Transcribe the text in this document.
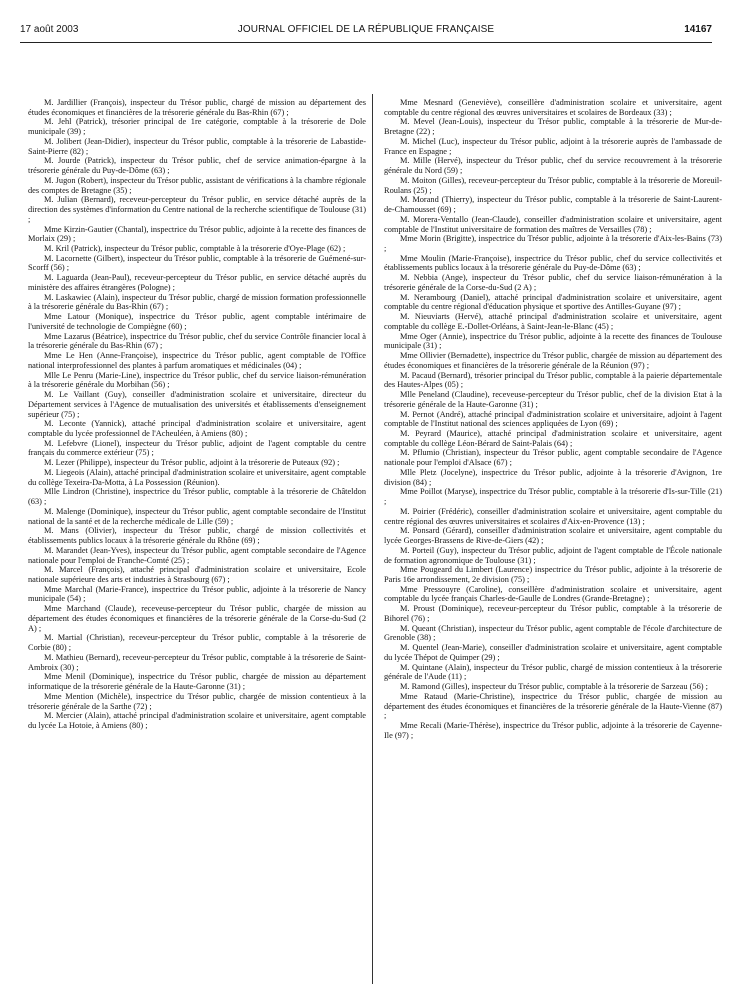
17 août 2003	JOURNAL OFFICIEL DE LA RÉPUBLIQUE FRANÇAISE	14167

M. Jardillier (François), inspecteur du Trésor public, chargé de mission au département des études économiques et financières de la trésorerie générale du Bas-Rhin (67) ;

M. Jehl (Patrick), trésorier principal de 1re catégorie, comptable à la trésorerie de Dole municipale (39) ;

M. Jolibert (Jean-Didier), inspecteur du Trésor public, comptable à la trésorerie de Labastide-Saint-Pierre (82) ;

M. Jourde (Patrick), inspecteur du Trésor public, chef de service animation-épargne à la trésorerie générale du Puy-de-Dôme (63) ;

M. Jugon (Robert), inspecteur du Trésor public, assistant de vérifications à la chambre régionale des comptes de Bretagne (35) ;

M. Julian (Bernard), receveur-percepteur du Trésor public, en service détaché auprès de la direction des systèmes d'information du Centre national de la recherche scientifique de Toulouse (31) ;

Mme Kirzin-Gautier (Chantal), inspectrice du Trésor public, adjointe à la recette des finances de Morlaix (29) ;

M. Kril (Patrick), inspecteur du Trésor public, comptable à la trésorerie d'Oye-Plage (62) ;

M. Lacornette (Gilbert), inspecteur du Trésor public, comptable à la trésorerie de Guémené-sur-Scorff (56) ;

M. Laguarda (Jean-Paul), receveur-percepteur du Trésor public, en service détaché auprès du ministère des affaires étrangères (Pologne) ;

M. Laskawiec (Alain), inspecteur du Trésor public, chargé de mission formation professionnelle à la trésorerie générale du Bas-Rhin (67) ;

Mme Latour (Monique), inspectrice du Trésor public, agent comptable intérimaire de l'université de technologie de Compiègne (60) ;

Mme Lazarus (Béatrice), inspectrice du Trésor public, chef du service Contrôle financier local à la trésorerie générale du Bas-Rhin (67) ;

Mme Le Hen (Anne-Françoise), inspectrice du Trésor public, agent comptable de l'Office national interprofessionnel des plantes à parfum aromatiques et médicinales (04) ;

Mlle Le Penru (Marie-Line), inspectrice du Trésor public, chef du service liaison-rémunération à la trésorerie générale du Morbihan (56) ;

M. Le Vaillant (Guy), conseiller d'administration scolaire et universitaire, directeur du Département services à l'Agence de mutualisation des universités et établissements d'enseignement supérieur (75) ;

M. Leconte (Yannick), attaché principal d'administration scolaire et universitaire, agent comptable du lycée professionnel de l'Acheuléen, à Amiens (80) ;

M. Lefebvre (Lionel), inspecteur du Trésor public, adjoint de l'agent comptable du centre français du commerce extérieur (75) ;

M. Lezer (Philippe), inspecteur du Trésor public, adjoint à la trésorerie de Puteaux (92) ;

M. Liegeois (Alain), attaché principal d'administration scolaire et universitaire, agent comptable du collège Texeira-Da-Motta, à La Possession (Réunion).

Mlle Lindron (Christine), inspectrice du Trésor public, comptable à la trésorerie de Châteldon (63) ;

M. Malenge (Dominique), inspecteur du Trésor public, agent comptable secondaire de l'Institut national de la santé et de la recherche médicale de Lille (59) ;

M. Mans (Olivier), inspecteur du Trésor public, chargé de mission collectivités et établissements publics locaux à la trésorerie générale du Rhône (69) ;

M. Marandet (Jean-Yves), inspecteur du Trésor public, agent comptable secondaire de l'Agence nationale pour l'emploi de Franche-Comté (25) ;

M. Marcel (François), attaché principal d'administration scolaire et universitaire, Ecole nationale supérieure des arts et industries à Strasbourg (67) ;

Mme Marchal (Marie-France), inspectrice du Trésor public, adjointe à la trésorerie de Nancy municipale (54) ;

Mme Marchand (Claude), receveuse-percepteur du Trésor public, chargée de mission au département des études économiques et financières de la trésorerie générale de la Corse-du-Sud (2 A) ;

M. Martial (Christian), receveur-percepteur du Trésor public, comptable à la trésorerie de Corbie (80) ;

M. Mathieu (Bernard), receveur-percepteur du Trésor public, comptable à la trésorerie de Saint-Ambroix (30) ;

Mme Menil (Dominique), inspectrice du Trésor public, chargée de mission au département informatique de la trésorerie générale de la Haute-Garonne (31) ;

Mme Mention (Michèle), inspectrice du Trésor public, chargée de mission contentieux à la trésorerie générale de la Sarthe (72) ;

M. Mercier (Alain), attaché principal d'administration scolaire et universitaire, agent comptable du lycée La Hotoie, à Amiens (80) ;

Mme Mesnard (Geneviève), conseillère d'administration scolaire et universitaire, agent comptable du centre régional des œuvres universitaires et scolaires de Bordeaux (33) ;

M. Mevel (Jean-Louis), inspecteur du Trésor public, comptable à la trésorerie de Mur-de-Bretagne (22) ;

M. Michel (Luc), inspecteur du Trésor public, adjoint à la trésorerie auprès de l'ambassade de France en Espagne ;

M. Mille (Hervé), inspecteur du Trésor public, chef du service recouvrement à la trésorerie générale du Nord (59) ;

M. Moiton (Gilles), receveur-percepteur du Trésor public, comptable à la trésorerie de Moreuil-Roulans (25) ;

M. Morand (Thierry), inspecteur du Trésor public, comptable à la trésorerie de Saint-Laurent-de-Chamousset (69) ;

M. Morera-Ventallo (Jean-Claude), conseiller d'administration scolaire et universitaire, agent comptable de l'Institut universitaire de formation des maîtres de Versailles (78) ;

Mme Morin (Brigitte), inspectrice du Trésor public, adjointe à la trésorerie d'Aix-les-Bains (73) ;

Mme Moulin (Marie-Françoise), inspectrice du Trésor public, chef du service collectivités et établissements publics locaux à la trésorerie générale du Puy-de-Dôme (63) ;

M. Nebbia (Ange), inspecteur du Trésor public, chef du service liaison-rémunération à la trésorerie générale de la Corse-du-Sud (2 A) ;

M. Nerambourg (Daniel), attaché principal d'administration scolaire et universitaire, agent comptable du centre régional d'éducation physique et sportive des Antilles-Guyane (97) ;

M. Nieuviarts (Hervé), attaché principal d'administration scolaire et universitaire, agent comptable du collège E.-Dollet-Orléans, à Saint-Jean-le-Blanc (45) ;

Mme Oger (Annie), inspectrice du Trésor public, adjointe à la recette des finances de Toulouse municipale (31) ;

Mme Ollivier (Bernadette), inspectrice du Trésor public, chargée de mission au département des études économiques et financières de la trésorerie générale de la Réunion (97) ;

M. Pacaud (Bernard), trésorier principal du Trésor public, comptable à la paierie départementale des Hautes-Alpes (05) ;

Mlle Peneland (Claudine), receveuse-percepteur du Trésor public, chef de la division Etat à la trésorerie générale de la Haute-Garonne (31) ;

M. Pernot (André), attaché principal d'administration scolaire et universitaire, adjoint à l'agent comptable de l'Institut national des sciences appliquées de Lyon (69) ;

M. Peyrard (Maurice), attaché principal d'administration scolaire et universitaire, agent comptable du collège Léon-Bérard de Saint-Palais (64) ;

M. Pflumio (Christian), inspecteur du Trésor public, agent comptable secondaire de l'Agence nationale pour l'emploi d'Alsace (67) ;

Mlle Pletz (Jocelyne), inspectrice du Trésor public, adjointe à la trésorerie d'Avignon, 1re division (84) ;

Mme Poillot (Maryse), inspectrice du Trésor public, comptable à la trésorerie d'Is-sur-Tille (21) ;

M. Poirier (Frédéric), conseiller d'administration scolaire et universitaire, agent comptable du centre régional des œuvres universitaires et scolaires d'Aix-en-Provence (13) ;

M. Ponsard (Gérard), conseiller d'administration scolaire et universitaire, agent comptable du lycée Georges-Brassens de Rive-de-Giers (42) ;

M. Porteil (Guy), inspecteur du Trésor public, adjoint de l'agent comptable de l'École nationale de formation agronomique de Toulouse (31) ;

Mme Pougeard du Limbert (Laurence) inspectrice du Trésor public, adjointe à la trésorerie de Paris 16e arrondissement, 2e division (75) ;

Mme Pressouyre (Caroline), conseillère d'administration scolaire et universitaire, agent comptable du lycée français Charles-de-Gaulle de Londres (Grande-Bretagne) ;

M. Proust (Dominique), receveur-percepteur du Trésor public, comptable à la trésorerie de Bihorel (76) ;

M. Queant (Christian), inspecteur du Trésor public, agent comptable de l'école d'architecture de Grenoble (38) ;

M. Quentel (Jean-Marie), conseiller d'administration scolaire et universitaire, agent comptable du lycée Thépot de Quimper (29) ;

M. Quintane (Alain), inspecteur du Trésor public, chargé de mission contentieux à la trésorerie générale de l'Aude (11) ;

M. Ramond (Gilles), inspecteur du Trésor public, comptable à la trésorerie de Sarzeau (56) ;

Mme Rataud (Marie-Christine), inspectrice du Trésor public, chargée de mission au département des études économiques et financières de la trésorerie générale de la Haute-Vienne (87) ;

Mme Recali (Marie-Thérèse), inspectrice du Trésor public, adjointe à la trésorerie de Cayenne-Ile (97) ;
